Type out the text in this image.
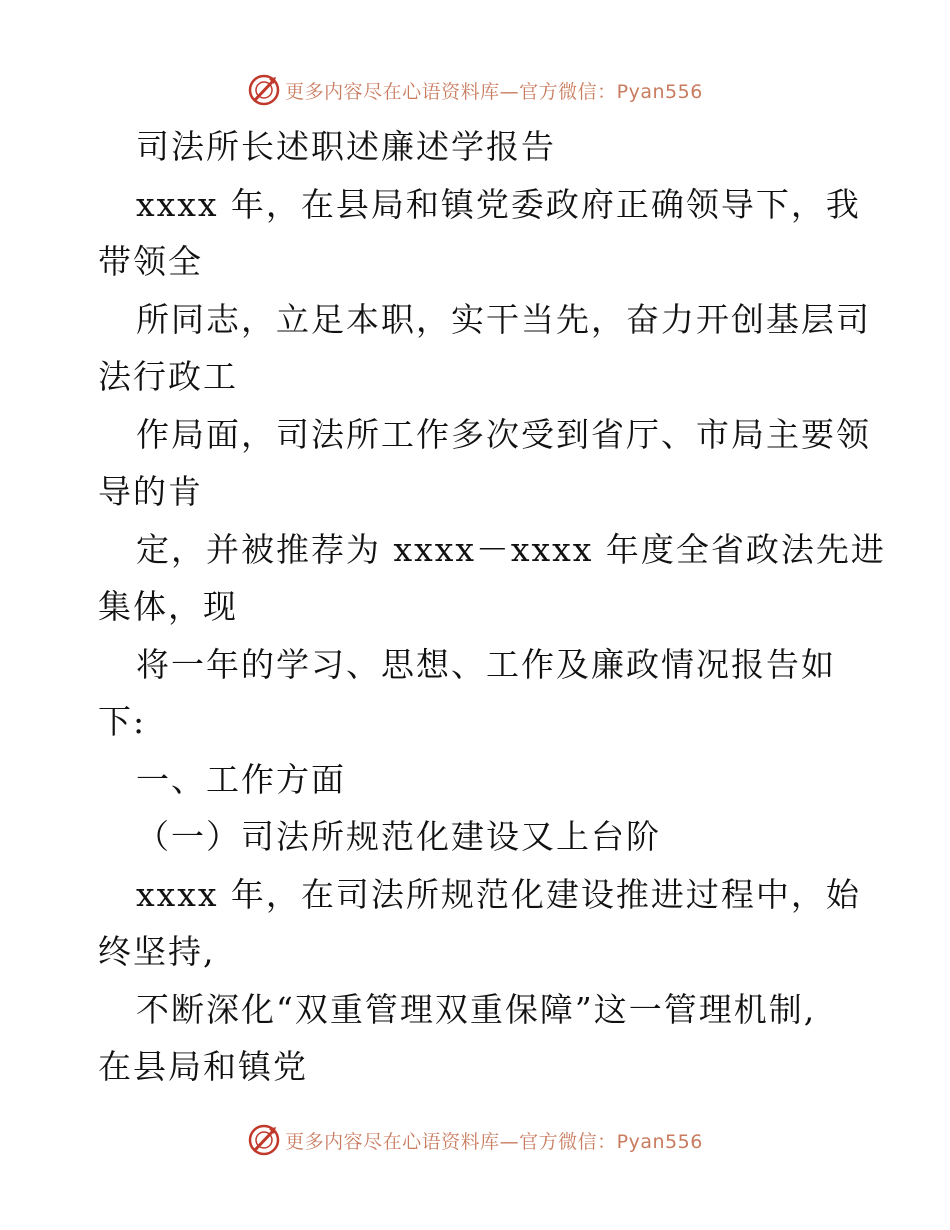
更多内容尽在心语资料库—官方微信：Pyan556
司法所长述职述廉述学报告
xxxx 年，在县局和镇党委政府正确领导下，我
带领全
所同志，立足本职，实干当先，奋力开创基层司
法行政工
作局面，司法所工作多次受到省厅、市局主要领
导的肯
定，并被推荐为 xxxx－xxxx 年度全省政法先进
集体，现
将一年的学习、思想、工作及廉政情况报告如
下:
一、工作方面
（一）司法所规范化建设又上台阶
xxxx 年，在司法所规范化建设推进过程中，始
终坚持,
不断深化“双重管理双重保障”这一管理机制,
在县局和镇党
更多内容尽在心语资料库—官方微信：Pyan556
